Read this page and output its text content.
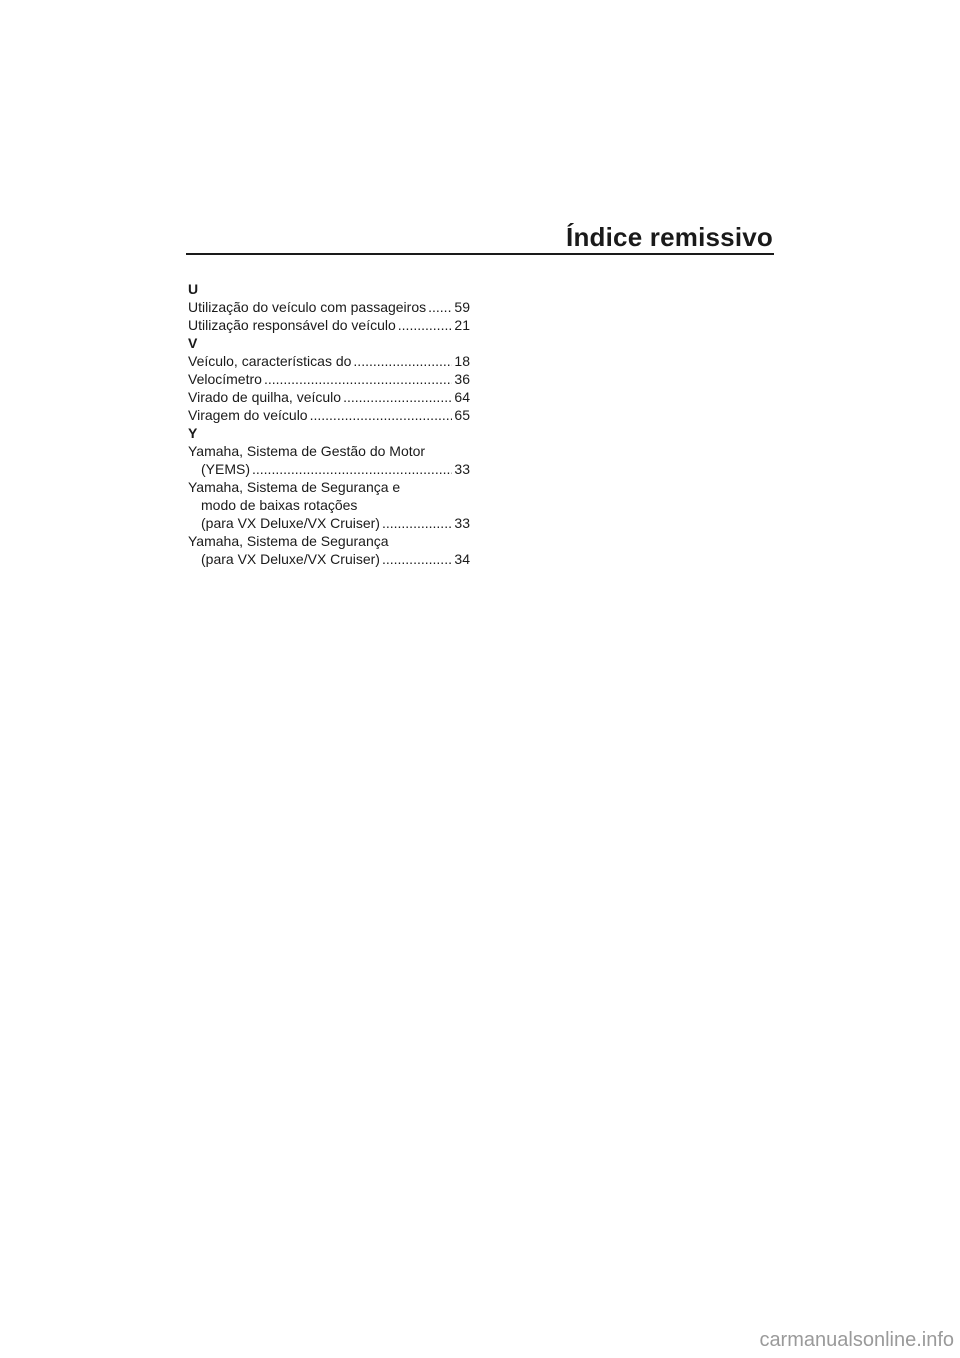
Índice remissivo
U
Utilização do veículo com passageiros ..... 59
Utilização responsável do veículo .....	21
V
Veículo, características do .....	18
Velocímetro .....	36
Virado de quilha, veículo .....	64
Viragem do veículo .....	65
Y
Yamaha, Sistema de Gestão do Motor
(YEMS) .....	33
Yamaha, Sistema de Segurança e
modo de baixas rotações
(para VX Deluxe/VX Cruiser) .....	33
Yamaha, Sistema de Segurança
(para VX Deluxe/VX Cruiser) .....	34
carmanualsonline.info
